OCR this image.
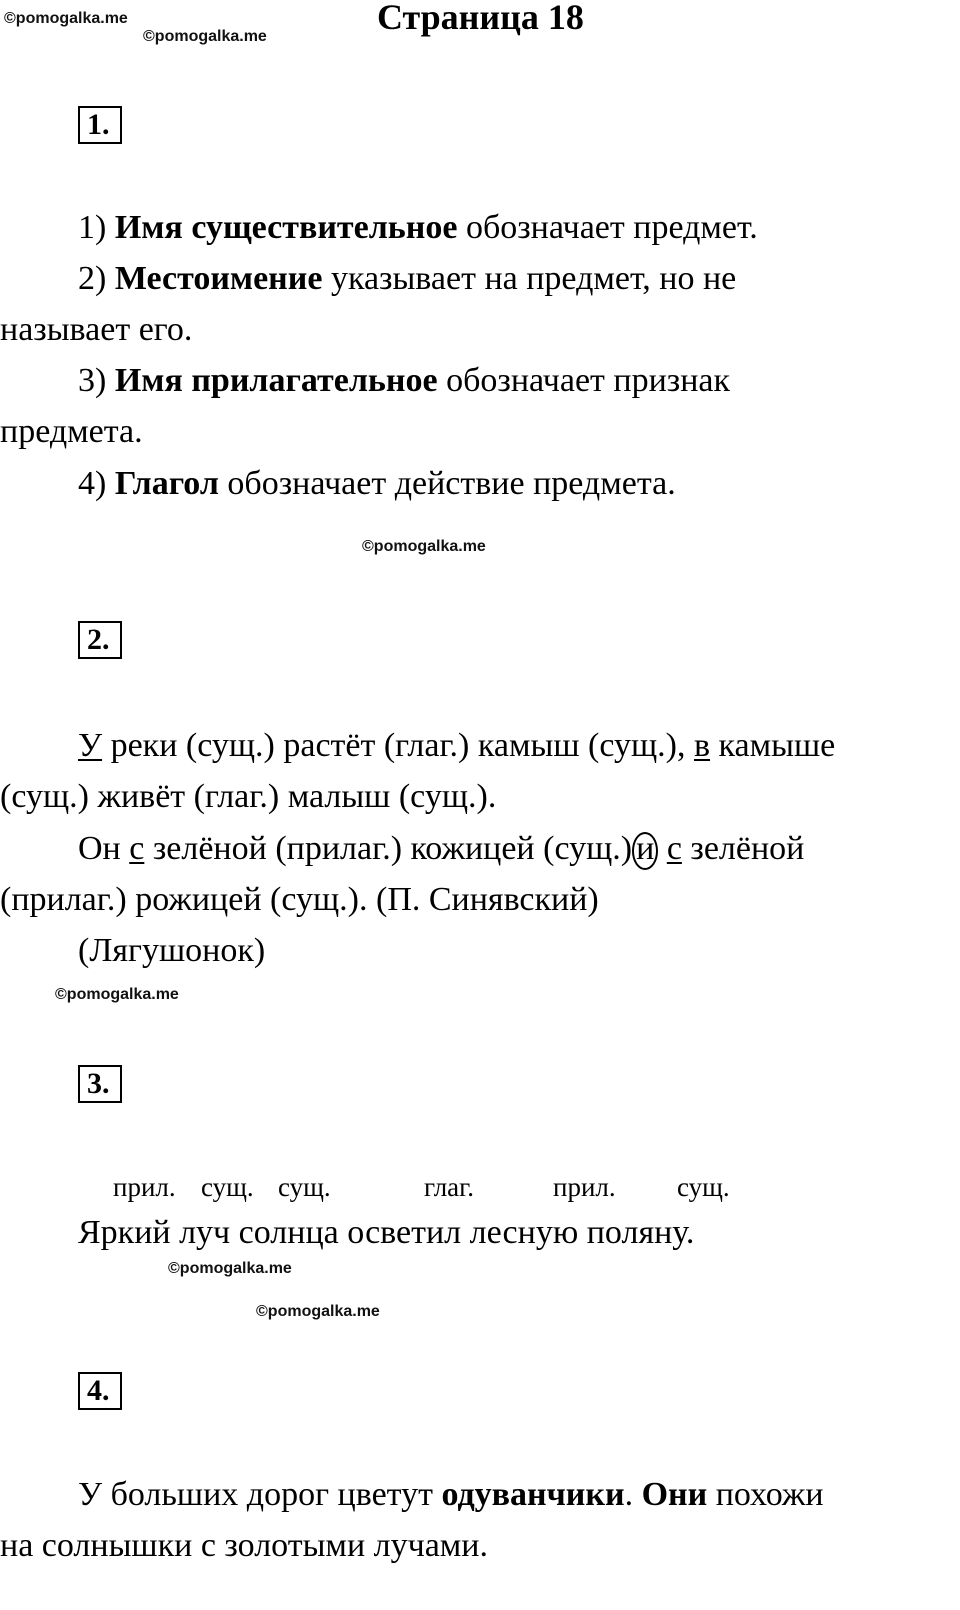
©pomogalka.me
©pomogalka.me
©pomogalka.me
©pomogalka.me
©pomogalka.me
©pomogalka.me
Страница 18
1.
1) Имя существительное обозначает предмет.
2) Местоимение указывает на предмет, но не
называет его.
3) Имя прилагательное обозначает признак
предмета.
4) Глагол обозначает действие предмета.
2.
У реки (сущ.) растёт (глаг.) камыш (сущ.), в камыше
(сущ.) живёт (глаг.) малыш (сущ.).
Он с зелёной (прилаг.) кожицей (сущ.) и с зелёной
(прилаг.) рожицей (сущ.). (П. Синявский)
(Лягушонок)
3.
прил. сущ. сущ.	глаг.	прил. сущ.
Яркий луч солнца осветил лесную поляну.
4.
У больших дорог цветут одуванчики. Они похожи
на солнышки с золотыми лучами.
